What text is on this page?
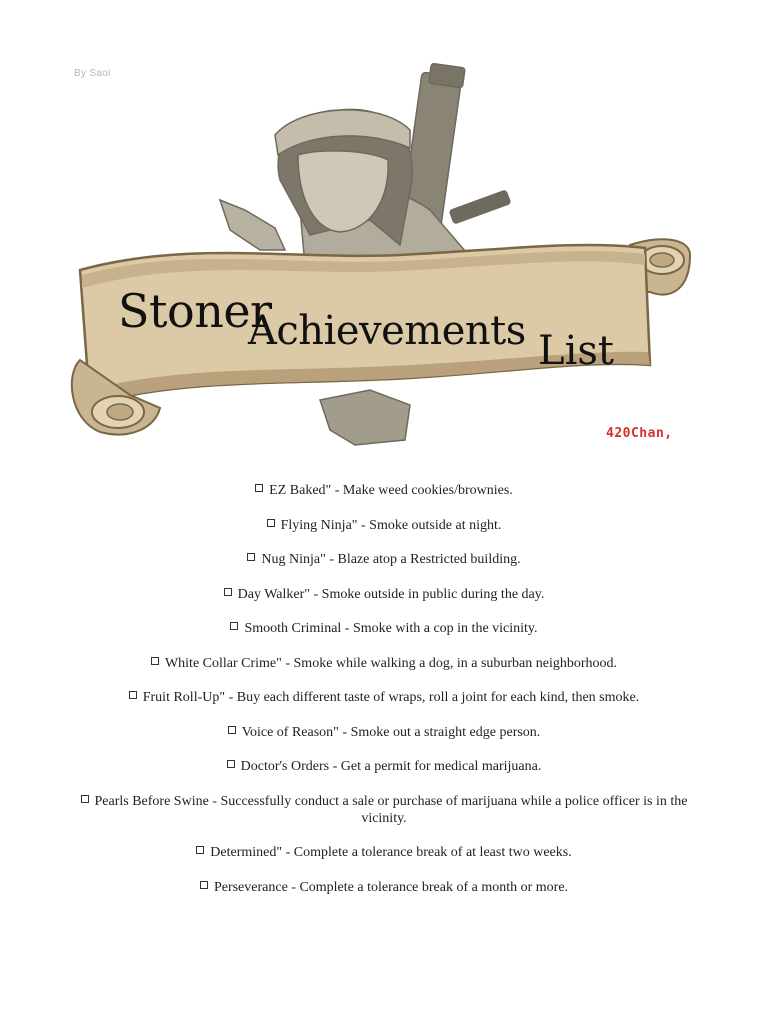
By Saoi
Stoner
Achievements List
420Chan,
EZ Baked" - Make weed cookies/brownies.
Flying Ninja" - Smoke outside at night.
Nug Ninja" - Blaze atop a Restricted building.
Day Walker" - Smoke outside in public during the day.
Smooth Criminal - Smoke with a cop in the vicinity.
White Collar Crime" - Smoke while walking a dog, in a suburban neighborhood.
Fruit Roll-Up" - Buy each different taste of wraps, roll a joint for each kind, then smoke.
Voice of Reason" - Smoke out a straight edge person.
Doctor's Orders - Get a permit for medical marijuana.
Pearls Before Swine - Successfully conduct a sale or purchase of marijuana while a police officer is in the vicinity.
Determined" - Complete a tolerance break of at least two weeks.
Perseverance - Complete a tolerance break of a month or more.
